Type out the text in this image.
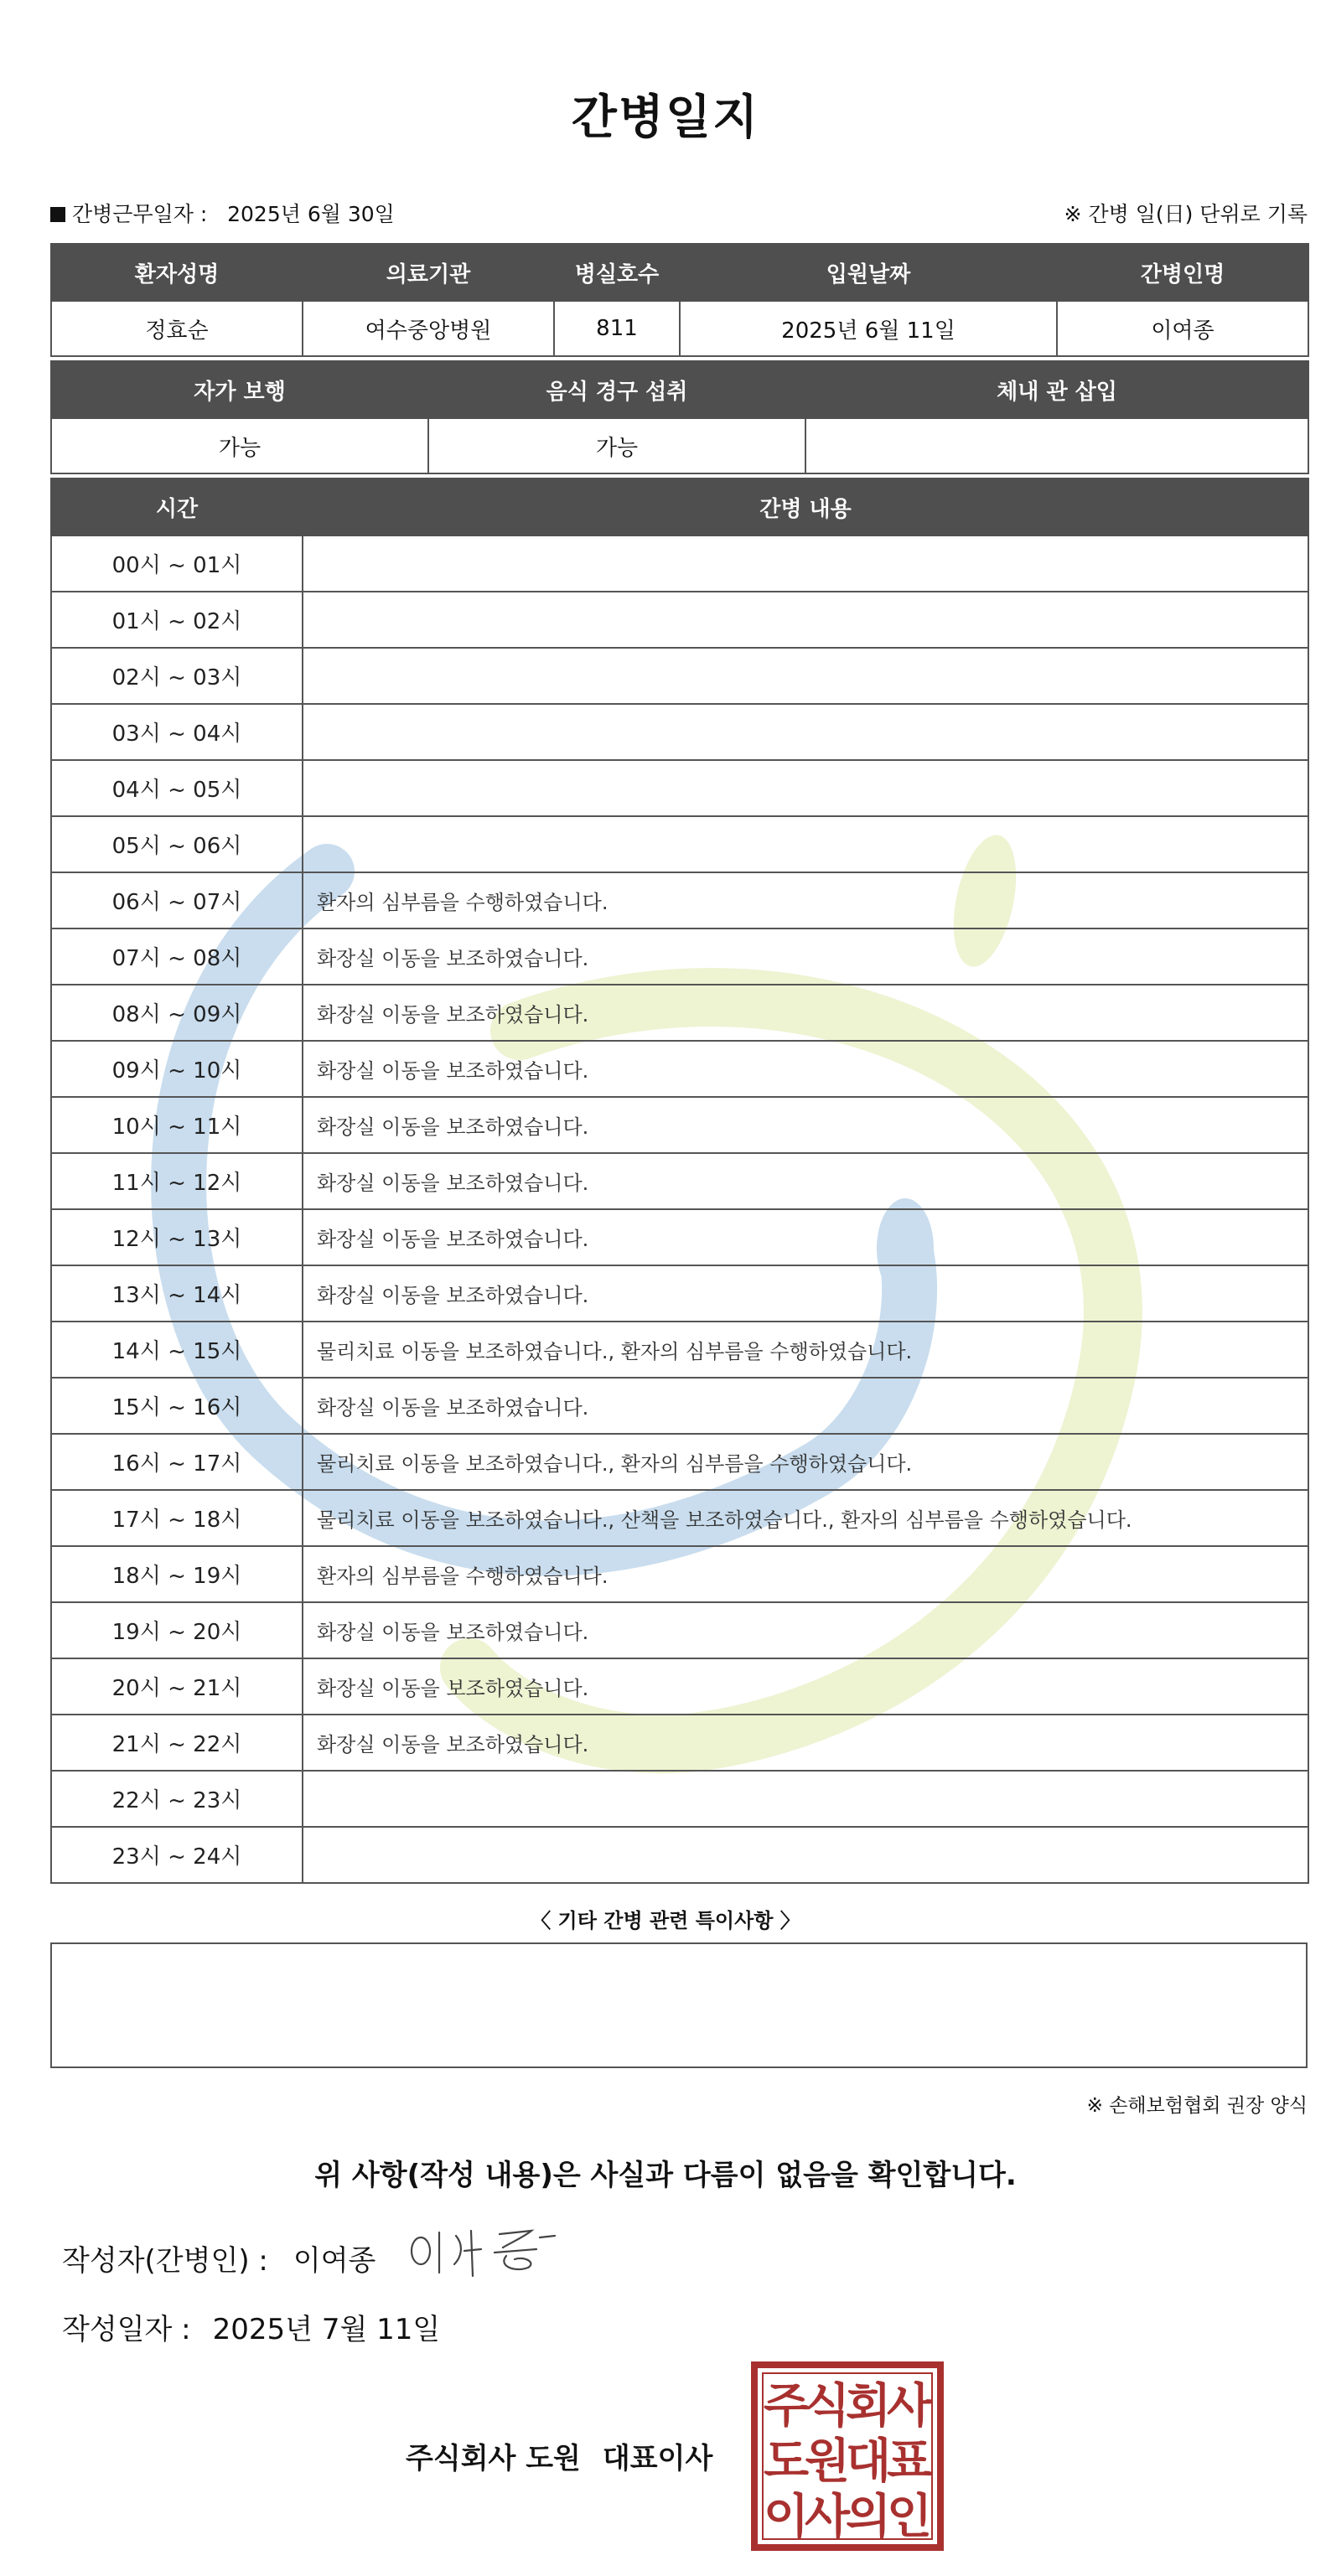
간병일지
간병근무일자 : 2025년 6월 30일	※ 간병 일(日) 단위로 기록
환자성명	의료기관	병실호수	입원날짜	간병인명
정효순	여수중앙병원	811	2025년 6월 11일	이여종
자가 보행	음식 경구 섭취	체내 관 삽입
가능	가능	
시간	간병 내용
00시 ~ 01시	
01시 ~ 02시	
02시 ~ 03시	
03시 ~ 04시	
04시 ~ 05시	
05시 ~ 06시	
06시 ~ 07시	환자의 심부름을 수행하였습니다.
07시 ~ 08시	화장실 이동을 보조하였습니다.
08시 ~ 09시	화장실 이동을 보조하였습니다.
09시 ~ 10시	화장실 이동을 보조하였습니다.
10시 ~ 11시	화장실 이동을 보조하였습니다.
11시 ~ 12시	화장실 이동을 보조하였습니다.
12시 ~ 13시	화장실 이동을 보조하였습니다.
13시 ~ 14시	화장실 이동을 보조하였습니다.
14시 ~ 15시	물리치료 이동을 보조하였습니다., 환자의 심부름을 수행하였습니다.
15시 ~ 16시	화장실 이동을 보조하였습니다.
16시 ~ 17시	물리치료 이동을 보조하였습니다., 환자의 심부름을 수행하였습니다.
17시 ~ 18시	물리치료 이동을 보조하였습니다., 산책을 보조하였습니다., 환자의 심부름을 수행하였습니다.
18시 ~ 19시	환자의 심부름을 수행하였습니다.
19시 ~ 20시	화장실 이동을 보조하였습니다.
20시 ~ 21시	화장실 이동을 보조하였습니다.
21시 ~ 22시	화장실 이동을 보조하였습니다.
22시 ~ 23시	
23시 ~ 24시	
〈 기타 간병 관련 특이사항 〉
※ 손해보험협회 권장 양식
위 사항(작성 내용)은 사실과 다름이 없음을 확인합니다.
작성자(간병인) : 이여종
작성일자 : 2025년 7월 11일
주식회사 도원 대표이사
주
식
회
사
도
원
대
표
이
사
의
인
